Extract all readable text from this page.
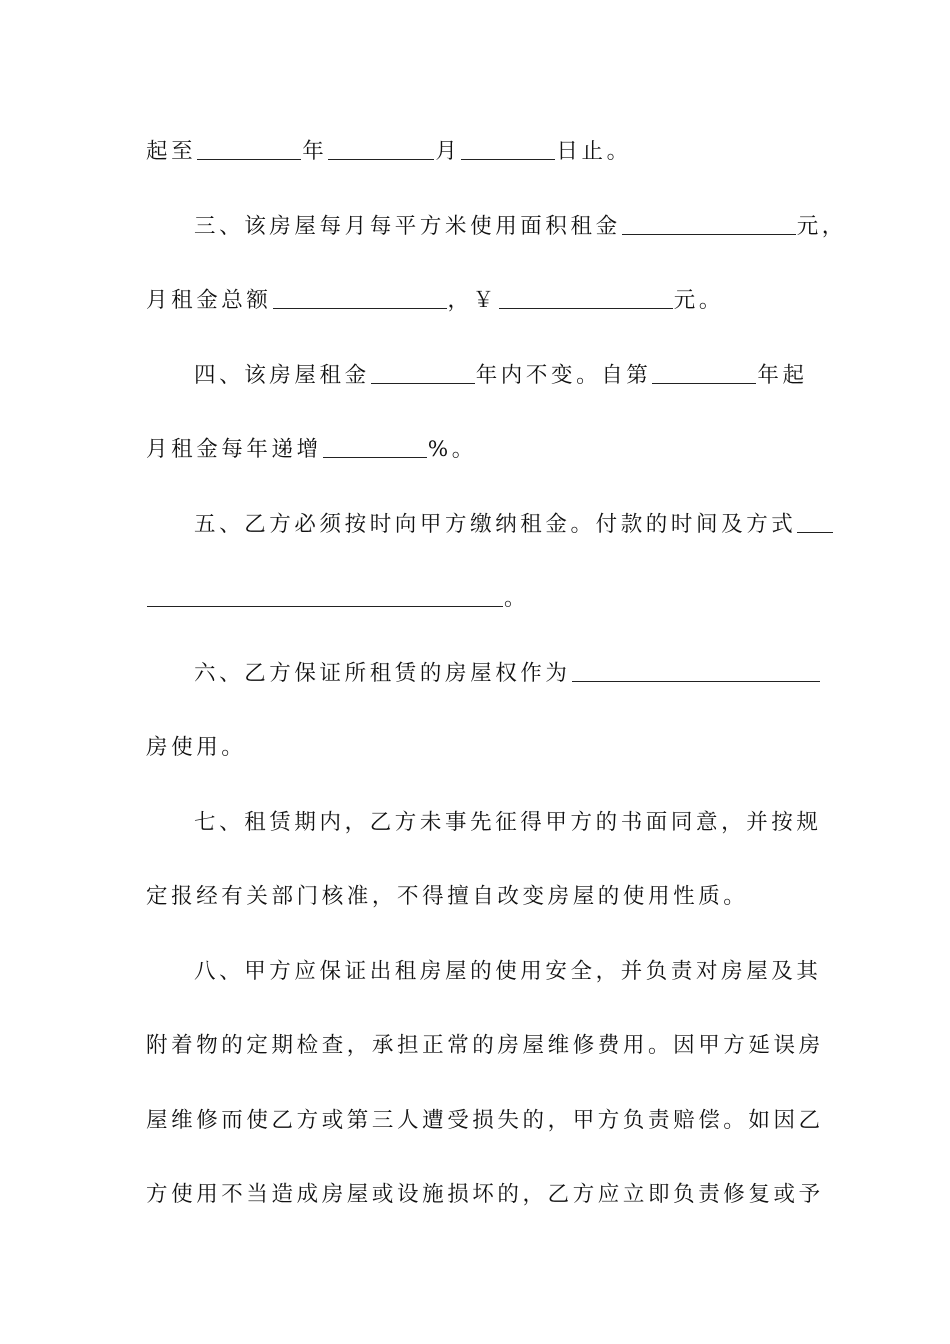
起至	年	月	日止。
三、该房屋每月每平方米使用面积租金	元，
月租金总额	，￥	元。
四、该房屋租金	年内不变。自第	年起
月租金每年递增	%。
五、乙方必须按时向甲方缴纳租金。付款的时间及方式
。
六、乙方保证所租赁的房屋权作为
房使用。
七、租赁期内，乙方未事先征得甲方的书面同意，并按规
定报经有关部门核准，不得擅自改变房屋的使用性质。
八、甲方应保证出租房屋的使用安全，并负责对房屋及其
附着物的定期检查，承担正常的房屋维修费用。因甲方延误房
屋维修而使乙方或第三人遭受损失的，甲方负责赔偿。如因乙
方使用不当造成房屋或设施损坏的，乙方应立即负责修复或予
